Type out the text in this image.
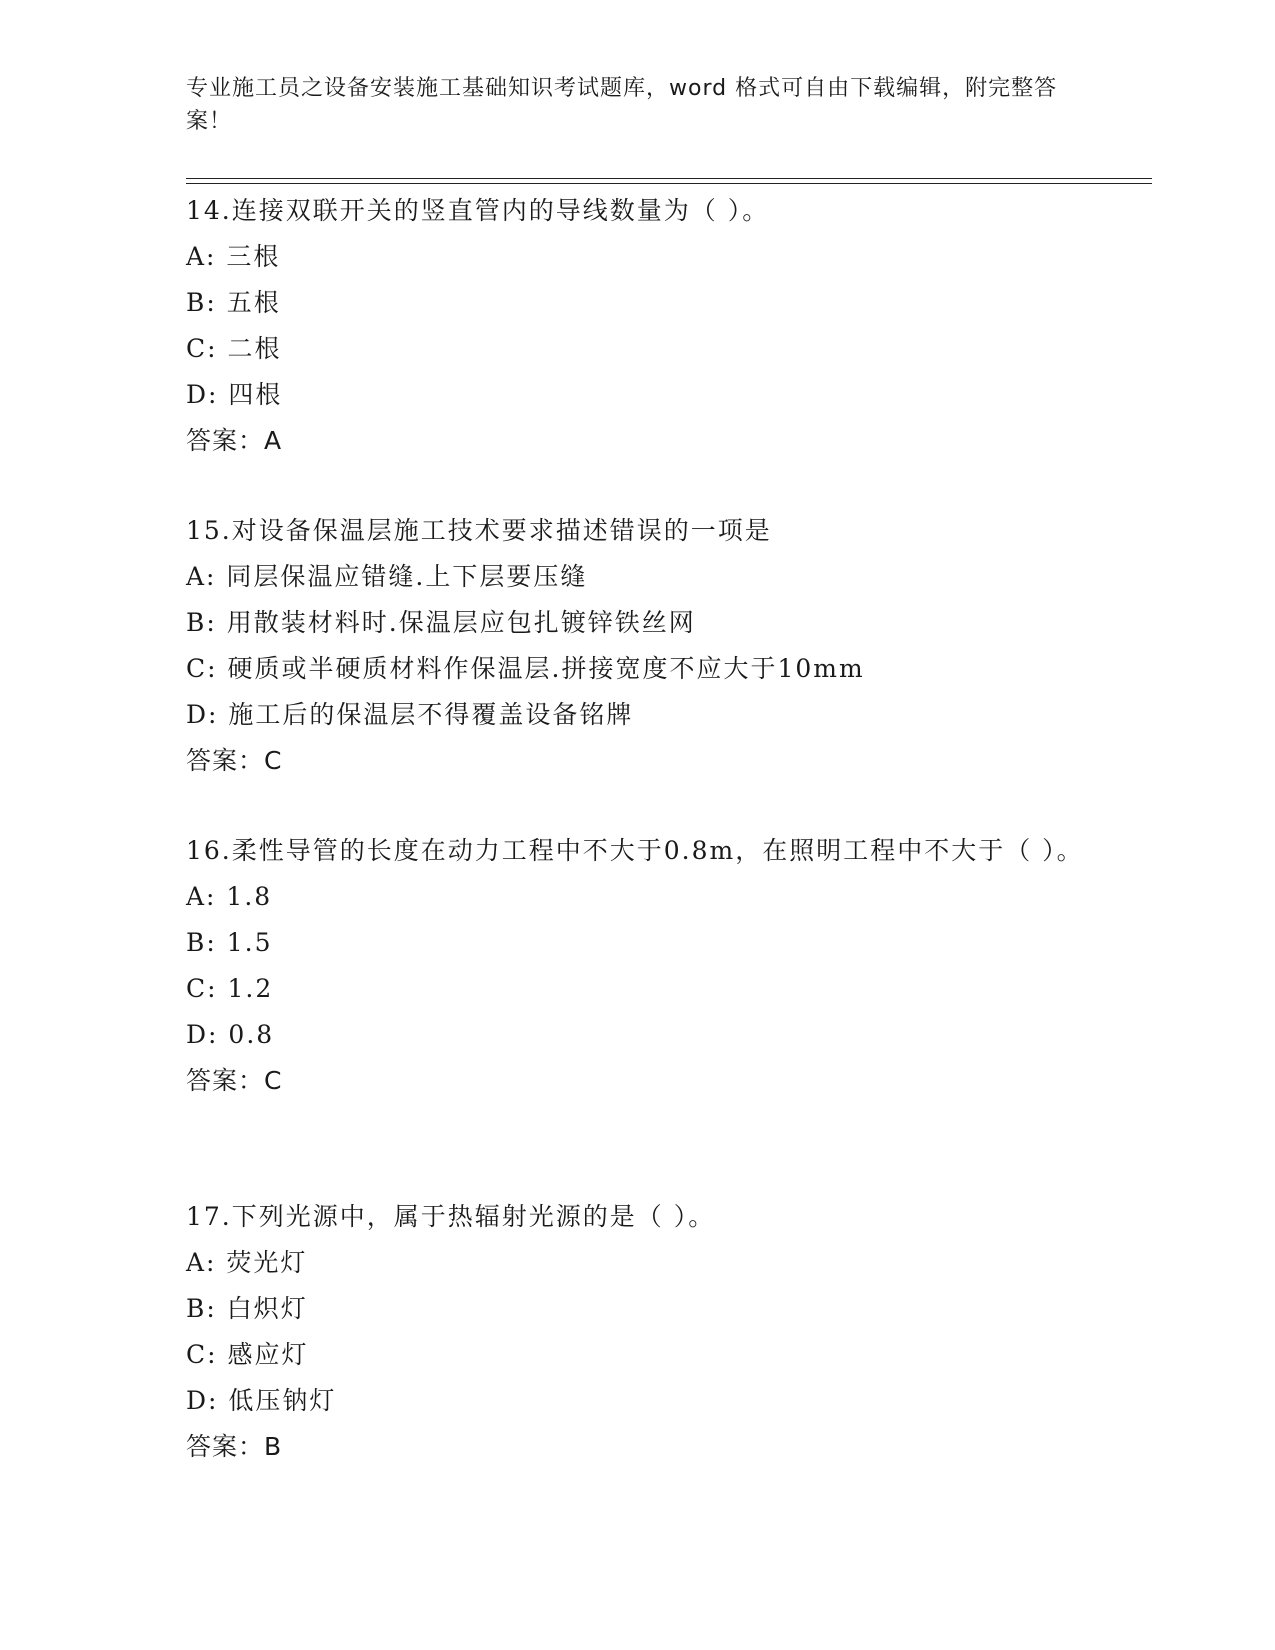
专业施工员之设备安装施工基础知识考试题库，word 格式可自由下载编辑，附完整答案！

14.连接双联开关的竖直管内的导线数量为（ ）。

A: 三根

B: 五根

C: 二根

D: 四根

答案：A

15.对设备保温层施工技术要求描述错误的一项是

A: 同层保温应错缝.上下层要压缝

B: 用散装材料时.保温层应包扎镀锌铁丝网

C: 硬质或半硬质材料作保温层.拼接宽度不应大于10mm

D: 施工后的保温层不得覆盖设备铭牌

答案：C

16.柔性导管的长度在动力工程中不大于0.8m，在照明工程中不大于（ ）。

A: 1.8

B: 1.5

C: 1.2

D: 0.8

答案：C

17.下列光源中，属于热辐射光源的是（ ）。

A: 荧光灯

B: 白炽灯

C: 感应灯

D: 低压钠灯

答案：B
